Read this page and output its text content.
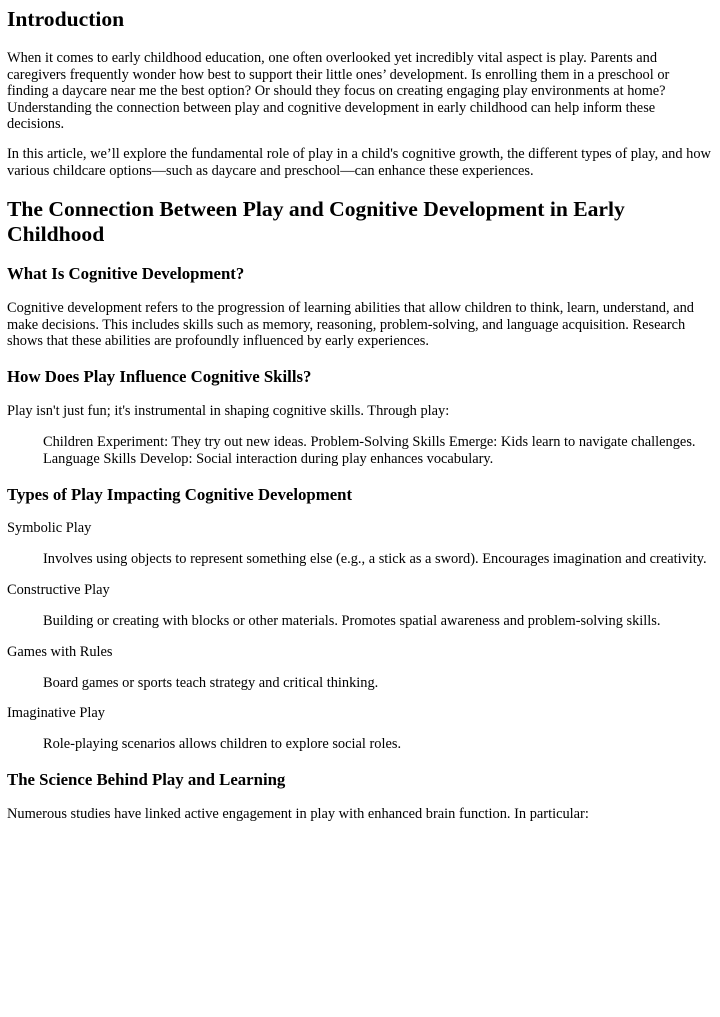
Introduction

When it comes to early childhood education, one often overlooked yet incredibly vital aspect is play. Parents and caregivers frequently wonder how best to support their little ones’ development. Is enrolling them in a preschool or finding a daycare near me the best option? Or should they focus on creating engaging play environments at home? Understanding the connection between play and cognitive development in early childhood can help inform these decisions.

In this article, we’ll explore the fundamental role of play in a child's cognitive growth, the different types of play, and how various childcare options—such as daycare and preschool—can enhance these experiences.

The Connection Between Play and Cognitive Development in Early Childhood
What Is Cognitive Development?

Cognitive development refers to the progression of learning abilities that allow children to think, learn, understand, and make decisions. This includes skills such as memory, reasoning, problem-solving, and language acquisition. Research shows that these abilities are profoundly influenced by early experiences.

How Does Play Influence Cognitive Skills?

Play isn't just fun; it's instrumental in shaping cognitive skills. Through play:

Children Experiment: They try out new ideas. Problem-Solving Skills Emerge: Kids learn to navigate challenges.
Language Skills Develop: Social interaction during play enhances vocabulary.
Types of Play Impacting Cognitive Development
Symbolic Play
Involves using objects to represent something else (e.g., a stick as a sword). Encourages imagination and creativity.
Constructive Play
Building or creating with blocks or other materials. Promotes spatial awareness and problem-solving skills.
Games with Rules
Board games or sports teach strategy and critical thinking.
Imaginative Play
Role-playing scenarios allows children to explore social roles.
The Science Behind Play and Learning

Numerous studies have linked active engagement in play with enhanced brain function. In particular:
